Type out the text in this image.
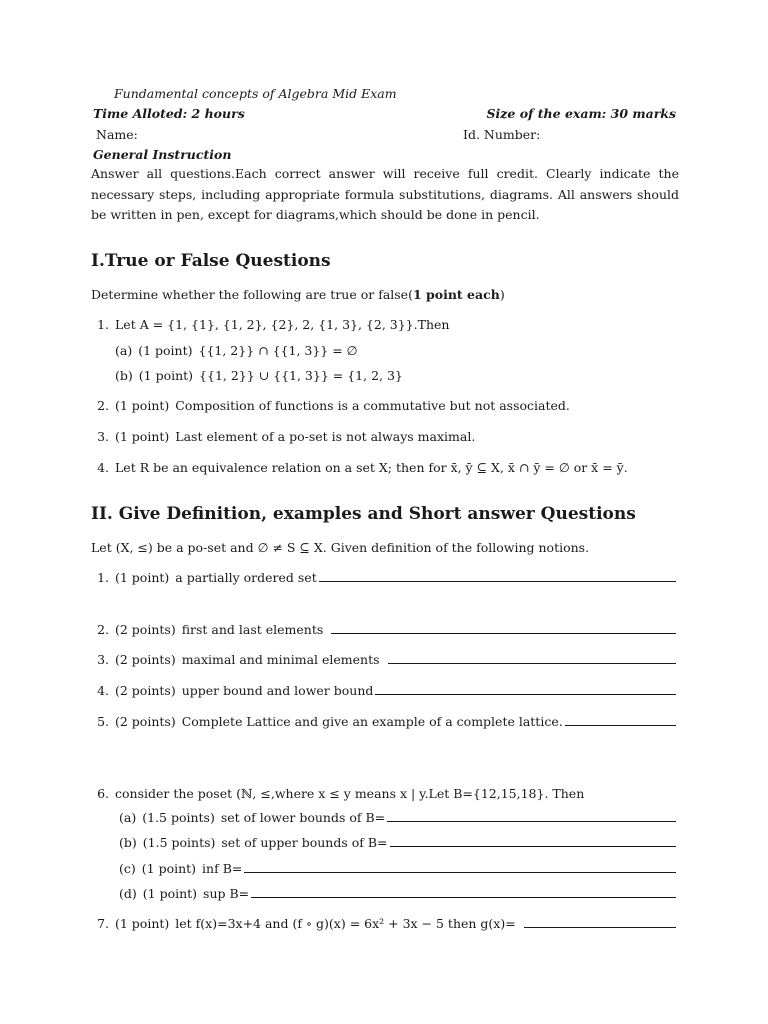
Fundamental concepts of Algebra Mid Exam
Time Alloted: 2 hours	Size of the exam: 30 marks
Name:	Id. Number:
General Instruction
Answer all questions.Each correct answer will receive full credit. Clearly indicate the necessary steps, including appropriate formula substitutions, diagrams. All answers should be written in pen, except for diagrams,which should be done in pencil.
I.True or False Questions
Determine whether the following are true or false(1 point each)
1. Let A = {1, {1}, {1, 2}, {2}, 2, {1, 3}, {2, 3}}.Then
(a) (1 point) {{1, 2}} ∩ {{1, 3}} = ∅
(b) (1 point) {{1, 2}} ∪ {{1, 3}} = {1, 2, 3}
2. (1 point) Composition of functions is a commutative but not associated.
3. (1 point) Last element of a po-set is not always maximal.
4. Let R be an equivalence relation on a set X; then for x̄, ȳ ⊆ X, x̄ ∩ ȳ = ∅ or x̄ = ȳ.
II. Give Definition, examples and Short answer Questions
Let (X, ≤) be a po-set and ∅ ≠ S ⊆ X. Given definition of the following notions.
1. (1 point) a partially ordered set
2. (2 points) first and last elements
3. (2 points) maximal and minimal elements
4. (2 points) upper bound and lower bound
5. (2 points) Complete Lattice and give an example of a complete lattice.
6. consider the poset (ℕ, ≤,where x ≤ y means x | y.Let B={12,15,18}. Then
(a) (1.5 points) set of lower bounds of B=
(b) (1.5 points) set of upper bounds of B=
(c) (1 point) inf B=
(d) (1 point) sup B=
7. (1 point) let f(x)=3x+4 and (f ∘ g)(x) = 6x² + 3x − 5 then g(x)=
